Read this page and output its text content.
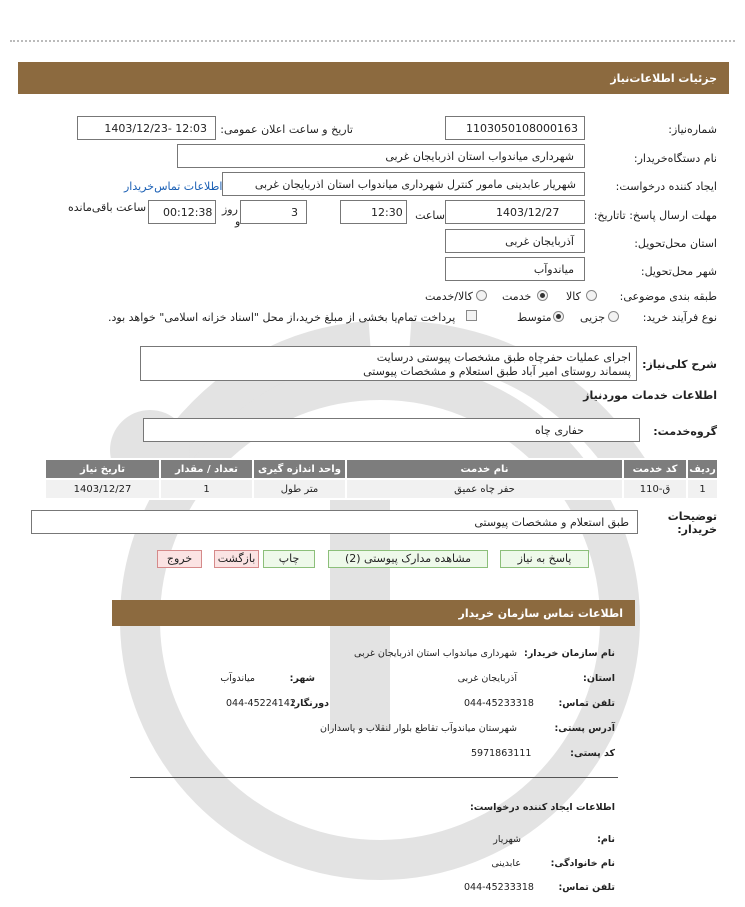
جزئیات اطلاعات‌نیاز
شماره‌نیاز:
1103050108000163
تاریخ و ساعت اعلان عمومی:
1403/12/23- 12:03
نام دستگاه‌خریدار:
شهرداری میاندواب استان اذربایجان غربی
ایجاد کننده درخواست:
شهریار عابدینی مامور کنترل شهرداری میاندواب استان اذربایجان غربی
اطلاعات تماس‌خریدار
مهلت ارسال پاسخ: تاتاریخ:
1403/12/27
ساعت
12:30
3
روز
و
00:12:38
ساعت باقی‌مانده
استان محل‌تحویل:
آذربایجان غربی
شهر محل‌تحویل:
میاندوآب
طبقه بندی موضوعی:
کالا
خدمت
کالا/خدمت
نوع فرآیند خرید:
جزیی
متوسط
پرداخت تمام‌یا بخشی از مبلغ خرید،از محل "اسناد خزانه اسلامی" خواهد بود.
شرح کلی‌نیاز:
اجرای عملیات حفرچاه طبق مشخصات پیوستی درسایت
پسماند روستای امیر آباد طبق استعلام و مشخصات پیوستی
اطلاعات خدمات موردنیاز
گروه‌خدمت:
حفاری چاه
ردیف	کد خدمت	نام خدمت	واحد اندازه گیری	تعداد / مقدار	تاریخ نیاز
1	ق-110	حفر چاه عمیق	متر طول	1	1403/12/27
توضیحات
خریدار:
طبق استعلام و مشخصات پیوستی
پاسخ به نیاز
مشاهده مدارک پیوستی (2)
چاپ
بازگشت
خروج
اطلاعات تماس سازمان خریدار
نام سازمان خریدار:
شهرداری میاندواب استان اذربایجان غربی
استان:
آذربایجان غربی
شهر:
میاندوآب
تلفن تماس:
044-45233318
دورنگار:
044-45224142
آدرس پستی:
شهرستان میاندوآب تقاطع بلوار لنقلاب و پاسداران
کد پستی:
5971863111
اطلاعات ایجاد کننده درخواست:
نام:
شهریار
نام خانوادگی:
عابدینی
تلفن تماس:
044-45233318
